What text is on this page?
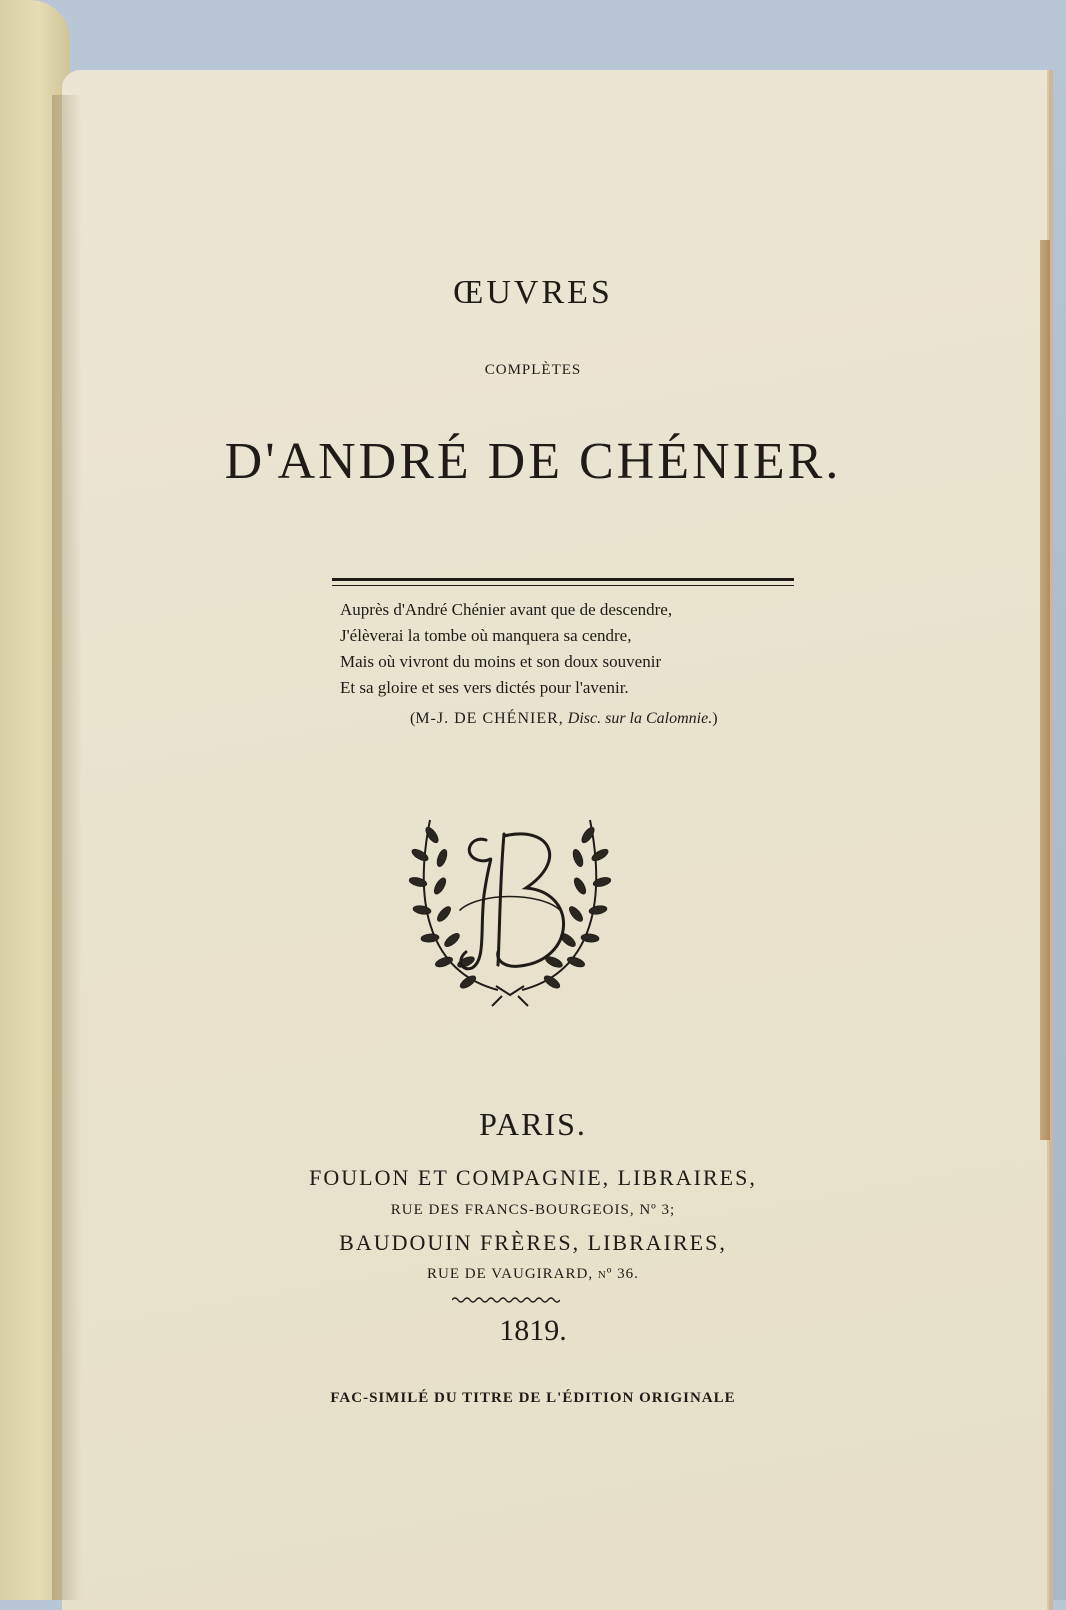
ŒUVRES
COMPLÈTES
D'ANDRÉ DE CHÉNIER.
Auprès d'André Chénier avant que de descendre,
J'élèverai la tombe où manquera sa cendre,
Mais où vivront du moins et son doux souvenir
Et sa gloire et ses vers dictés pour l'avenir.
(M-J. DE CHÉNIER, Disc. sur la Calomnie.)
PARIS.
FOULON ET COMPAGNIE, LIBRAIRES,
RUE DES FRANCS-BOURGEOIS, Nº 3;
BAUDOUIN FRÈRES, LIBRAIRES,
RUE DE VAUGIRARD, nº 36.
1819.
FAC-SIMILÉ DU TITRE DE L'ÉDITION ORIGINALE
